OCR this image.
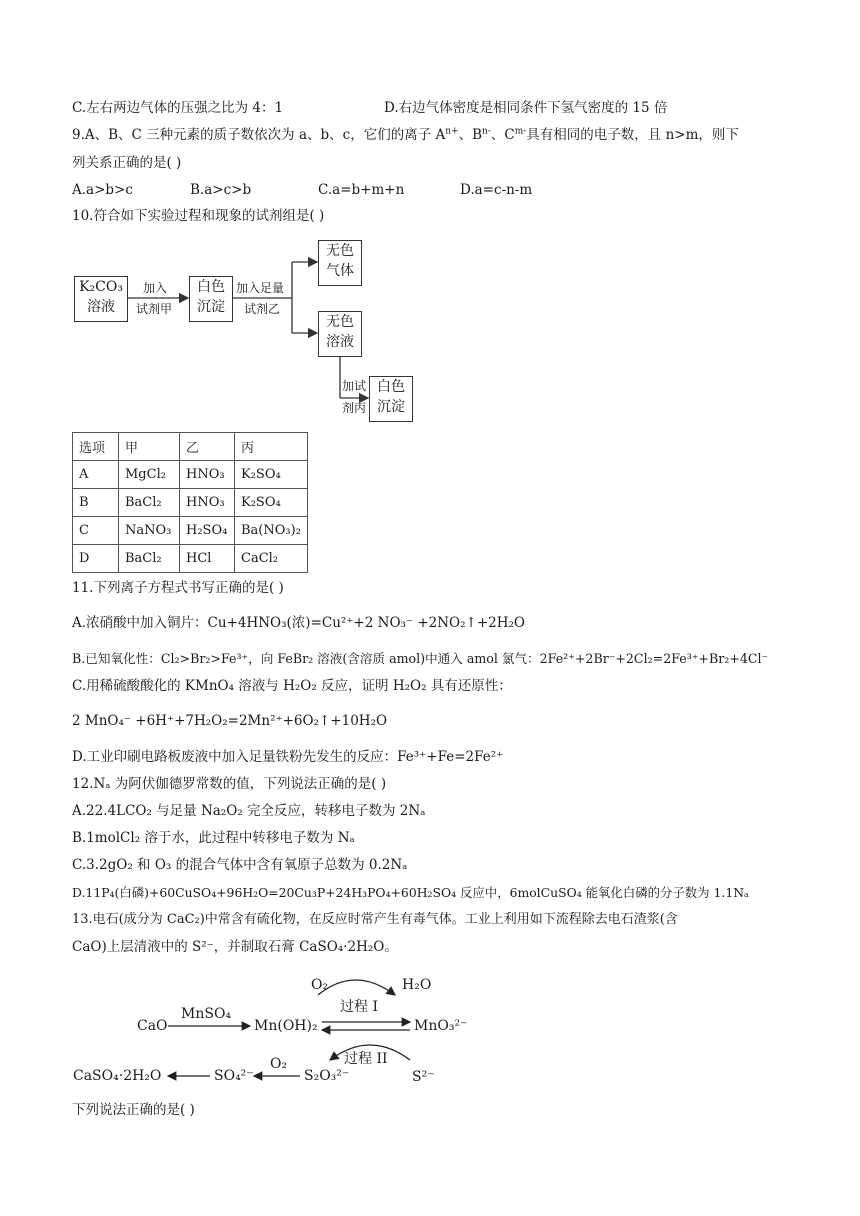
C.左右两边气体的压强之比为 4：1	D.右边气体密度是相同条件下氢气密度的 15 倍
9.A、B、C 三种元素的质子数依次为 a、b、c，它们的离子 $A^{n+}$、$B^{n-}$、$C^{m-}$具有相同的电子数，且 n>m，则下
列关系正确的是( )
A.a>b>c	B.a>c>b	C.a=b+m+n	D.a=c-n-m
10.符合如下实验过程和现象的试剂组是( )
K₂CO₃
溶液
加入
试剂甲
白色
沉淀
加入足量
试剂乙
无色
气体
无色
溶液
加试
剂丙
白色
沉淀
选项	甲	乙	丙
A	MgCl₂	HNO₃	K₂SO₄
B	BaCl₂	HNO₃	K₂SO₄
C	NaNO₃	H₂SO₄	Ba(NO₃)₂
D	BaCl₂	HCl	CaCl₂
11.下列离子方程式书写正确的是( )
A.浓硝酸中加入铜片：Cu+4HNO₃(浓)=Cu²⁺+2 NO₃⁻ +2NO₂↑+2H₂O
B.已知氧化性：Cl₂>Br₂>Fe³⁺，向 FeBr₂ 溶液(含溶质 amol)中通入 amol 氯气：2Fe²⁺+2Br⁻+2Cl₂=2Fe³⁺+Br₂+4Cl⁻
C.用稀硫酸酸化的 KMnO₄ 溶液与 H₂O₂ 反应，证明 H₂O₂ 具有还原性：
2 MnO₄⁻ +6H⁺+7H₂O₂=2Mn²⁺+6O₂↑+10H₂O
D.工业印刷电路板废液中加入足量铁粉先发生的反应：Fe³⁺+Fe=2Fe²⁺
12.Nₐ 为阿伏伽德罗常数的值，下列说法正确的是( )
A.22.4LCO₂ 与足量 Na₂O₂ 完全反应，转移电子数为 2Nₐ
B.1molCl₂ 溶于水，此过程中转移电子数为 Nₐ
C.3.2gO₂ 和 O₃ 的混合气体中含有氧原子总数为 0.2Nₐ
D.11P₄(白磷)+60CuSO₄+96H₂O=20Cu₃P+24H₃PO₄+60H₂SO₄ 反应中，6molCuSO₄ 能氧化白磷的分子数为 1.1Nₐ
13.电石(成分为 CaC₂)中常含有硫化物，在反应时常产生有毒气体。工业上利用如下流程除去电石渣浆(含
CaO)上层清液中的 S²⁻，并制取石膏 CaSO₄·2H₂O。
O₂	H₂O
过程 I
MnSO₄
CaO	Mn(OH)₂	MnO₃²⁻
过程 II
O₂
CaSO₄·2H₂O	SO₄²⁻	S₂O₃²⁻	S²⁻
下列说法正确的是( )
